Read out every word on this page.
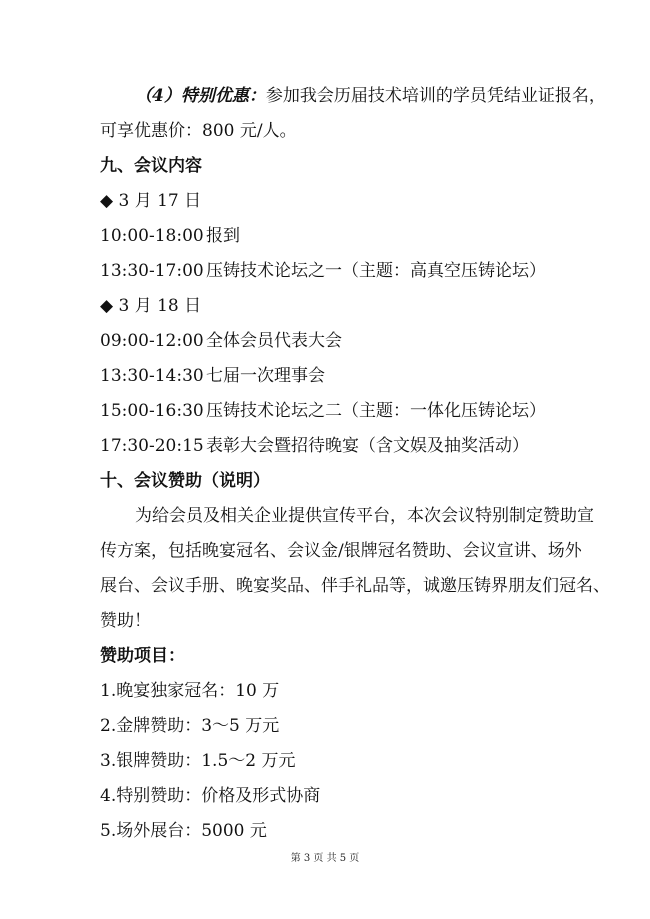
（4）特别优惠：参加我会历届技术培训的学员凭结业证报名，
可享优惠价：800 元/人。
九、会议内容
◆ 3 月 17 日
10:00-18:00 报到
13:30-17:00 压铸技术论坛之一（主题：高真空压铸论坛）
◆ 3 月 18 日
09:00-12:00 全体会员代表大会
13:30-14:30 七届一次理事会
15:00-16:30 压铸技术论坛之二（主题：一体化压铸论坛）
17:30-20:15 表彰大会暨招待晚宴（含文娱及抽奖活动）
十、会议赞助（说明）
为给会员及相关企业提供宣传平台，本次会议特别制定赞助宣
传方案，包括晚宴冠名、会议金/银牌冠名赞助、会议宣讲、场外
展台、会议手册、晚宴奖品、伴手礼品等，诚邀压铸界朋友们冠名、
赞助！
赞助项目：
1.晚宴独家冠名：10 万
2.金牌赞助：3～5 万元
3.银牌赞助：1.5～2 万元
4.特别赞助：价格及形式协商
5.场外展台：5000 元
第 3 页 共 5 页
